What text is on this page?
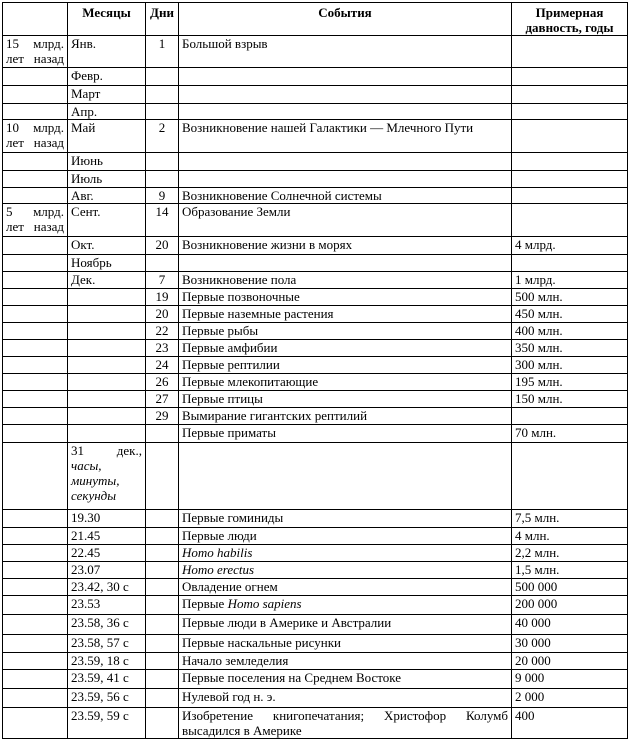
	Месяцы	Дни	События	Примерная давность, годы
15 млрд. лет назад	Янв.	1	Большой взрыв	
	Февр.			
	Март			
	Апр.			
10 млрд. лет назад	Май	2	Возникновение нашей Галактики — Млечного Пути	
	Июнь			
	Июль			
	Авг.	9	Возникновение Солнечной системы	
5 млрд. лет назад	Сент.	14	Образование Земли	
	Окт.	20	Возникновение жизни в морях	4 млрд.
	Ноябрь			
	Дек.	7	Возникновение пола	1 млрд.
		19	Первые позвоночные	500 млн.
		20	Первые наземные растения	450 млн.
		22	Первые рыбы	400 млн.
		23	Первые амфибии	350 млн.
		24	Первые рептилии	300 млн.
		26	Первые млекопитающие	195 млн.
		27	Первые птицы	150 млн.
		29	Вымирание гигантских рептилий	
			Первые приматы	70 млн.

	31 дек.,
часы,
минуты,
секунды			

	19.30		Первые гоминиды	7,5 млн.
	21.45		Первые люди	4 млн.
	22.45		Homo habilis	2,2 млн.
	23.07		Homo erectus	1,5 млн.
	23.42, 30 с		Овладение огнем	500 000
	23.53		Первые Homo sapiens	200 000
	23.58, 36 с		Первые люди в Америке и Австралии	40 000
	23.58, 57 с		Первые наскальные рисунки	30 000
	23.59, 18 с		Начало земледелия	20 000
	23.59, 41 с		Первые поселения на Среднем Востоке	9 000
	23.59, 56 с		Нулевой год н. э.	2 000
	23.59, 59 с		Изобретение книгопечатания; Христофор Колумб высадился в Америке	400
